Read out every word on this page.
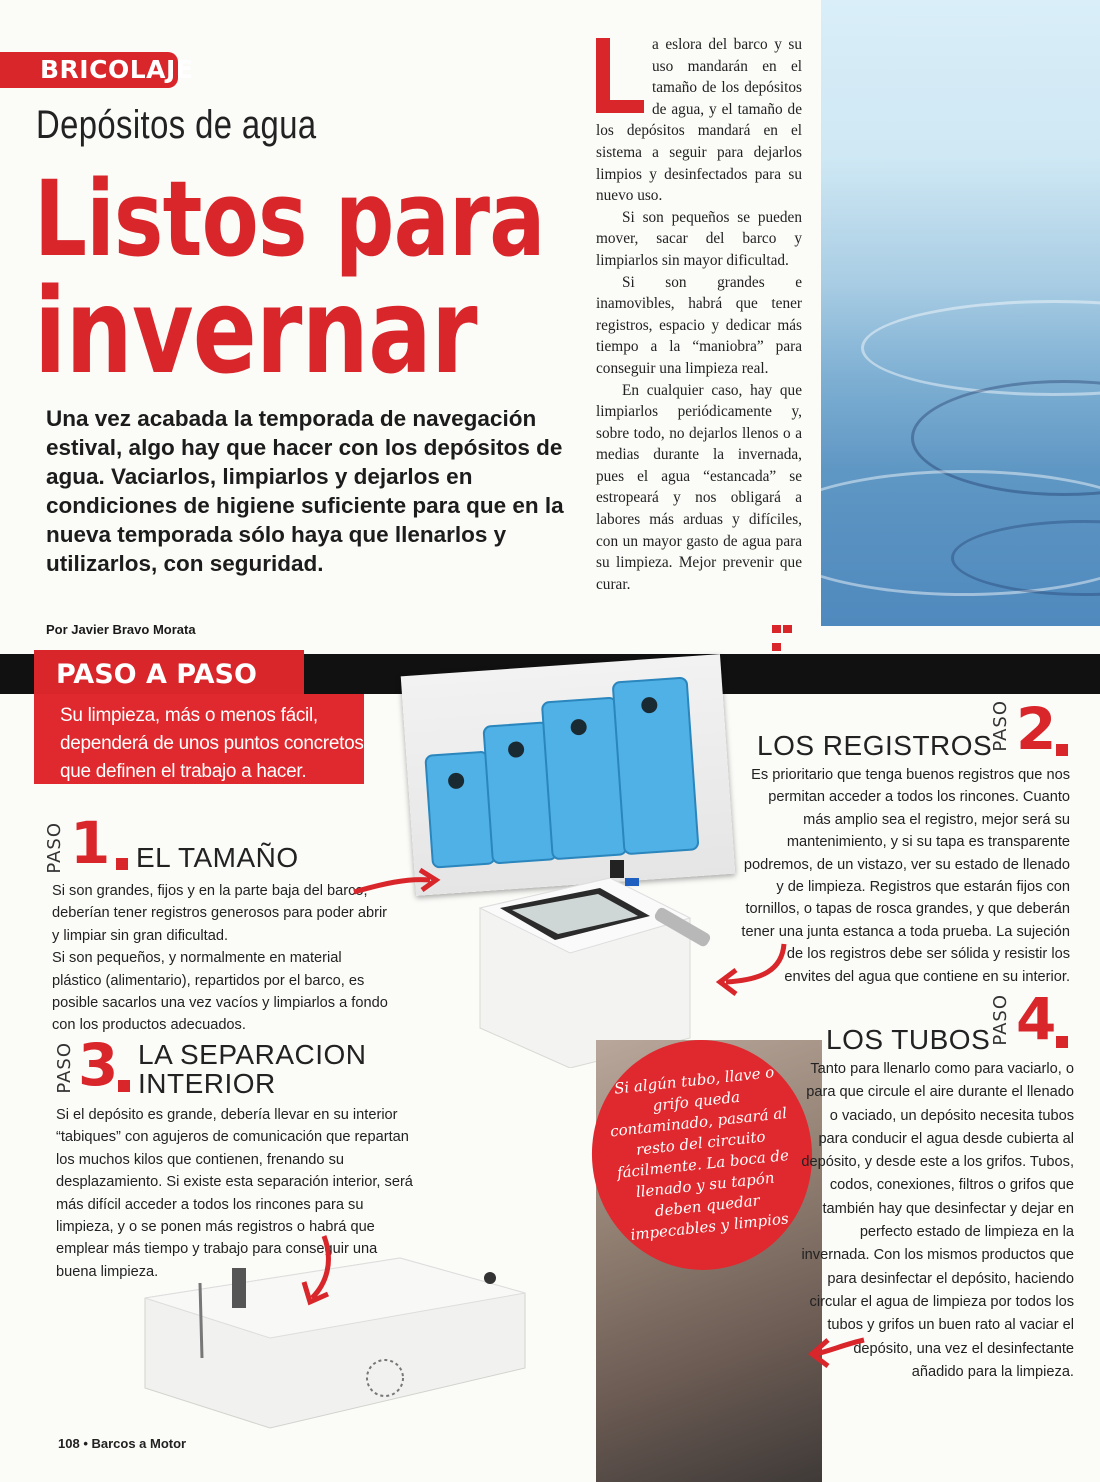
BRICOLAJE
Depósitos de agua
Listos para
invernar
Una vez acabada la temporada de navegación estival, algo hay que hacer con los depósitos de agua. Vaciarlos, limpiarlos y dejarlos en condiciones de higiene suficiente para que en la nueva temporada sólo haya que llenarlos y utilizarlos, con seguridad.
Por Javier Bravo Morata

a eslora del barco y su uso mandarán en el tamaño de los depósitos de agua, y el tamaño de los depósitos mandará en el sistema a seguir para dejarlos limpios y desinfectados para su nuevo uso.

Si son pequeños se pueden mover, sacar del barco y limpiarlos sin mayor dificultad.

Si son grandes e inamovibles, habrá que tener registros, espacio y dedicar más tiempo a la “maniobra” para conseguir una limpieza real.

En cualquier caso, hay que limpiarlos periódicamente y, sobre todo, no dejarlos llenos o a medias durante la invernada, pues el agua “estancada” se estropeará y nos obligará a labores más arduas y difíciles, con un mayor gasto de agua para su limpieza. Mejor prevenir que curar.

PASO A PASO
Su limpieza, más o menos fácil, dependerá de unos puntos concretos que definen el trabajo a hacer.
Si algún tubo, llave o grifo queda contaminado, pasará al resto del circuito fácilmente. La boca de llenado y su tapón deben quedar impecables y limpios
PASO 1 EL TAMAÑO

Si son grandes, fijos y en la parte baja del barco, deberían tener registros generosos para poder abrir y limpiar sin gran dificultad.

Si son pequeños, y normalmente en material plástico (alimentario), repartidos por el barco, es posible sacarlos una vez vacíos y limpiarlos a fondo con los productos adecuados.

LOS REGISTROS
PASO 2

Es prioritario que tenga buenos registros que nos permitan acceder a todos los rincones. Cuanto más amplio sea el registro, mejor será su mantenimiento, y si su tapa es transparente podremos, de un vistazo, ver su estado de llenado y de limpieza. Registros que estarán fijos con tornillos, o tapas de rosca grandes, y que deberán tener una junta estanca a toda prueba. La sujeción de los registros debe ser sólida y resistir los envites del agua que contiene en su interior.

PASO 3 LA SEPARACION
INTERIOR

Si el depósito es grande, debería llevar en su interior “tabiques” con agujeros de comunicación que repartan los muchos kilos que contienen, frenando su desplazamiento. Si existe esta separación interior, será más difícil acceder a todos los rincones para su limpieza, y o se ponen más registros o habrá que emplear más tiempo y trabajo para conseguir una buena limpieza.

LOS TUBOS PASO 4

Tanto para llenarlo como para vaciarlo, o para que circule el aire durante el llenado o vaciado, un depósito necesita tubos para conducir el agua desde cubierta al depósito, y desde este a los grifos. Tubos, codos, conexiones, filtros o grifos que también hay que desinfectar y dejar en perfecto estado de limpieza en la invernada. Con los mismos productos que para desinfectar el depósito, haciendo circular el agua de limpieza por todos los tubos y grifos un buen rato al vaciar el depósito, una vez el desinfectante añadido para la limpieza.

108 • Barcos a Motor
